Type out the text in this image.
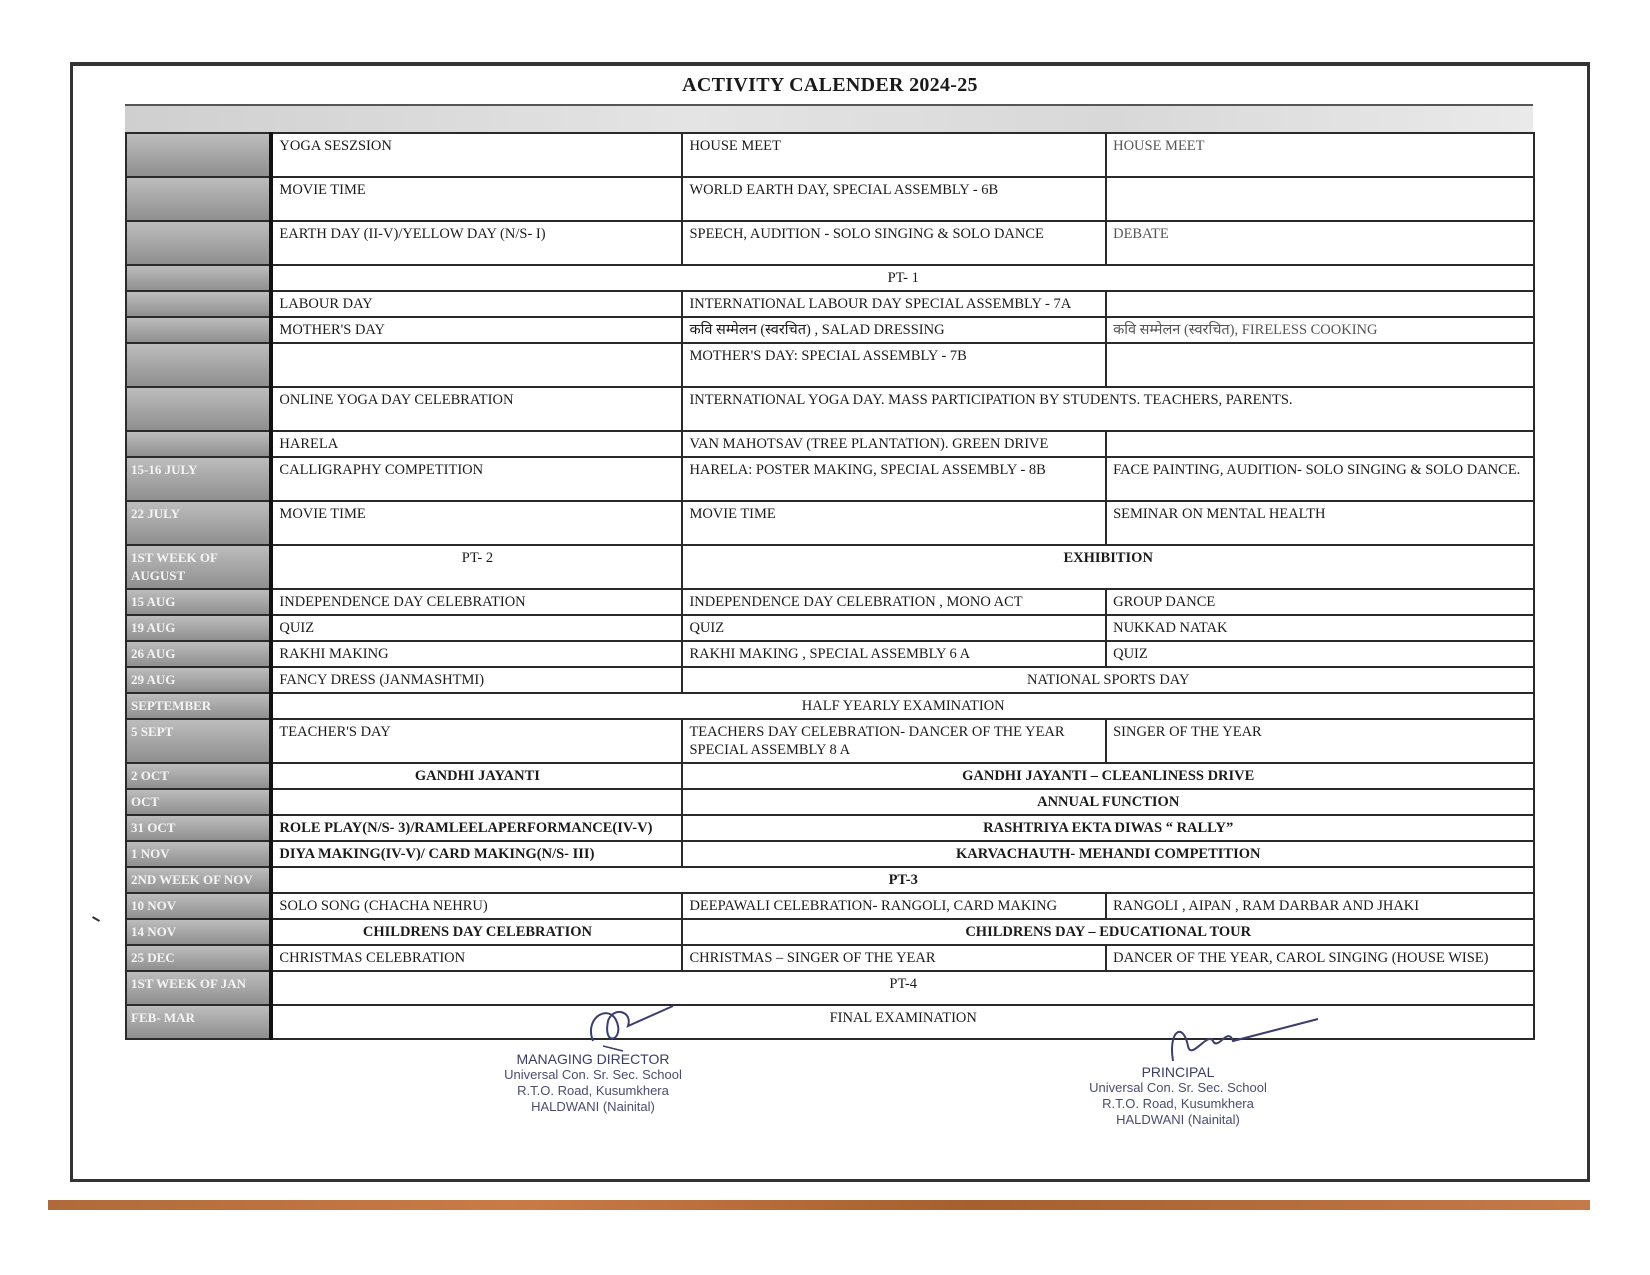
ACTIVITY CALENDER 2024-25
	YOGA SESZSION	HOUSE MEET	HOUSE MEET
	MOVIE TIME	WORLD EARTH DAY, SPECIAL ASSEMBLY - 6B	
	EARTH DAY (II-V)/YELLOW DAY (N/S- I)	SPEECH, AUDITION - SOLO SINGING & SOLO DANCE	DEBATE
	PT- 1		
	LABOUR DAY	INTERNATIONAL LABOUR DAY SPECIAL ASSEMBLY - 7A	
	MOTHER'S DAY	कवि सम्मेलन (स्वरचित) , SALAD DRESSING	कवि सम्मेलन (स्वरचित), FIRELESS COOKING
		MOTHER'S DAY: SPECIAL ASSEMBLY - 7B	
	ONLINE YOGA DAY CELEBRATION	INTERNATIONAL YOGA DAY. MASS PARTICIPATION BY STUDENTS. TEACHERS, PARENTS.	
	HARELA	VAN MAHOTSAV (TREE PLANTATION). GREEN DRIVE	
15-16 JULY	CALLIGRAPHY COMPETITION	HARELA: POSTER MAKING, SPECIAL ASSEMBLY - 8B	FACE PAINTING, AUDITION- SOLO SINGING & SOLO DANCE.
22 JULY	MOVIE TIME	MOVIE TIME	SEMINAR ON MENTAL HEALTH
1ST WEEK OF AUGUST	PT- 2	EXHIBITION	
15 AUG	INDEPENDENCE DAY CELEBRATION	INDEPENDENCE DAY CELEBRATION , MONO ACT	GROUP DANCE
19 AUG	QUIZ	QUIZ	NUKKAD NATAK
26 AUG	RAKHI MAKING	RAKHI MAKING , SPECIAL ASSEMBLY 6 A	QUIZ
29 AUG	FANCY DRESS (JANMASHTMI)	NATIONAL SPORTS DAY	
SEPTEMBER	HALF YEARLY EXAMINATION		
5 SEPT	TEACHER'S DAY	TEACHERS DAY CELEBRATION- DANCER OF THE YEAR SPECIAL ASSEMBLY 8 A	SINGER OF THE YEAR
2 OCT	GANDHI JAYANTI	GANDHI JAYANTI – CLEANLINESS DRIVE	
OCT		ANNUAL FUNCTION	
31 OCT	ROLE PLAY(N/S- 3)/RAMLEELAPERFORMANCE(IV-V)	RASHTRIYA EKTA DIWAS “ RALLY”	
1 NOV	DIYA MAKING(IV-V)/ CARD MAKING(N/S- III)	KARVACHAUTH- MEHANDI COMPETITION	
2ND WEEK OF NOV	PT-3		
10 NOV	SOLO SONG (CHACHA NEHRU)	DEEPAWALI CELEBRATION- RANGOLI, CARD MAKING	RANGOLI , AIPAN , RAM DARBAR AND JHAKI
14 NOV	CHILDRENS DAY CELEBRATION	CHILDRENS DAY – EDUCATIONAL TOUR	
25 DEC	CHRISTMAS CELEBRATION	CHRISTMAS – SINGER OF THE YEAR	DANCER OF THE YEAR, CAROL SINGING (HOUSE WISE)
1ST WEEK OF JAN	PT-4		
FEB- MAR	FINAL EXAMINATION		
MANAGING DIRECTOR
Universal Con. Sr. Sec. School
R.T.O. Road, Kusumkhera
HALDWANI (Nainital)
PRINCIPAL
Universal Con. Sr. Sec. School
R.T.O. Road, Kusumkhera
HALDWANI (Nainital)
